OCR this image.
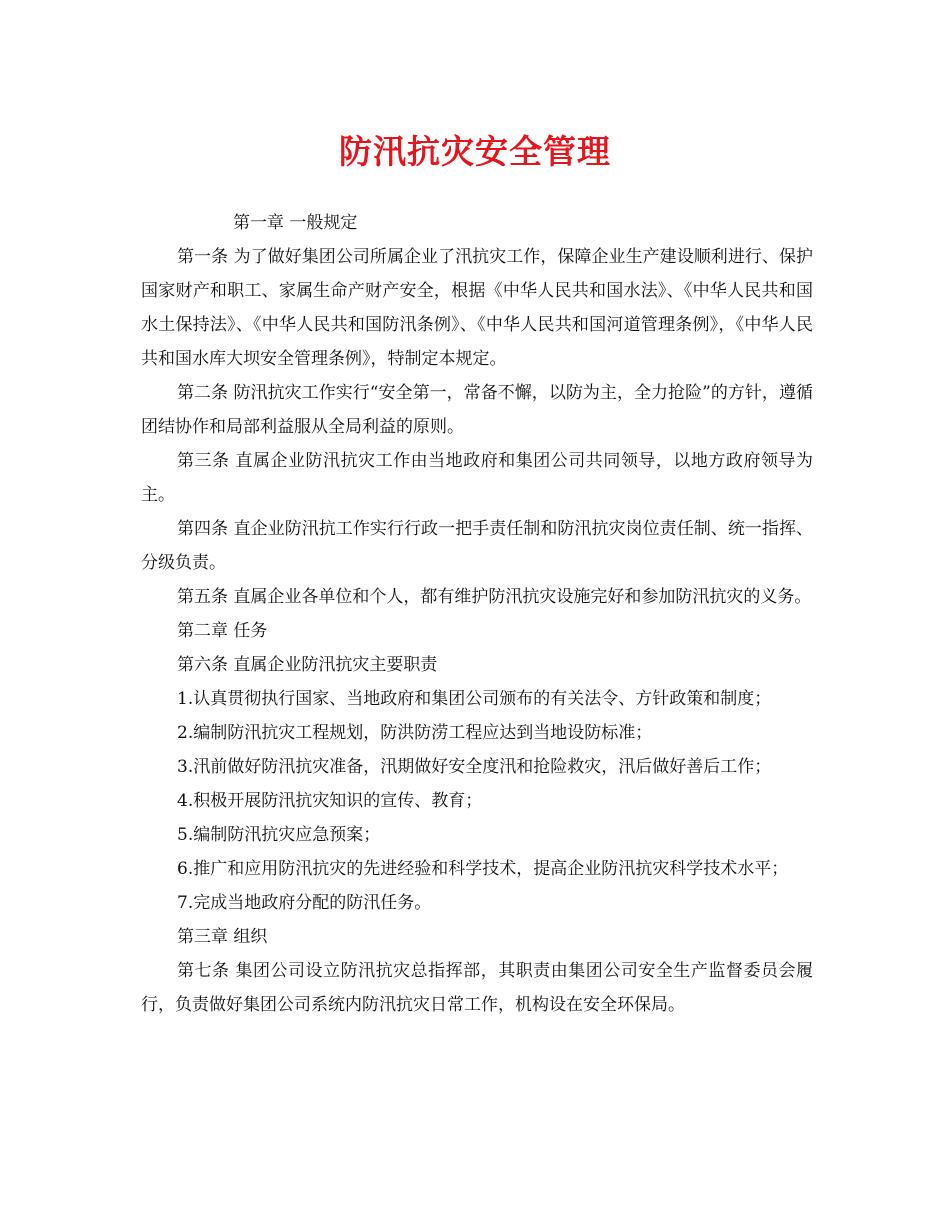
防汛抗灾安全管理

第一章 一般规定

第一条 为了做好集团公司所属企业了汛抗灾工作，保障企业生产建设顺利进行、保护国家财产和职工、家属生命产财产安全，根据《中华人民共和国水法》、《中华人民共和国水土保持法》、《中华人民共和国防汛条例》、《中华人民共和国河道管理条例》，《中华人民共和国水库大坝安全管理条例》，特制定本规定。

第二条 防汛抗灾工作实行“安全第一，常备不懈，以防为主，全力抢险”的方针，遵循团结协作和局部利益服从全局利益的原则。

第三条 直属企业防汛抗灾工作由当地政府和集团公司共同领导，以地方政府领导为主。

第四条 直企业防汛抗工作实行行政一把手责任制和防汛抗灾岗位责任制、统一指挥、分级负责。

第五条 直属企业各单位和个人，都有维护防汛抗灾设施完好和参加防汛抗灾的义务。

第二章 任务

第六条 直属企业防汛抗灾主要职责

1.认真贯彻执行国家、当地政府和集团公司颁布的有关法令、方针政策和制度；

2.编制防汛抗灾工程规划，防洪防涝工程应达到当地设防标准；

3.汛前做好防汛抗灾准备，汛期做好安全度汛和抢险救灾，汛后做好善后工作；

4.积极开展防汛抗灾知识的宣传、教育；

5.编制防汛抗灾应急预案；

6.推广和应用防汛抗灾的先进经验和科学技术，提高企业防汛抗灾科学技术水平；

7.完成当地政府分配的防汛任务。

第三章 组织

第七条 集团公司设立防汛抗灾总指挥部，其职责由集团公司安全生产监督委员会履行，负责做好集团公司系统内防汛抗灾日常工作，机构设在安全环保局。
